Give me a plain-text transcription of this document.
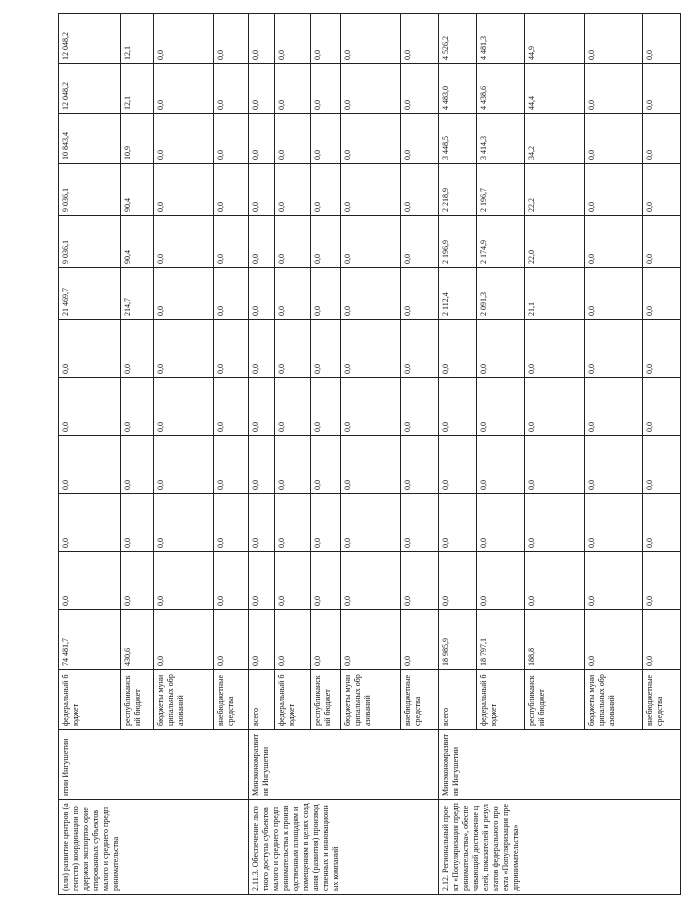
(или) развитие центров (агентств) координации поддержки экспортно ориентированных субъектов малого и среднего предпринимательства	итии Ингушетии	федеральный бюджет	74 481,7	0,0	0,0	0,0	0,0	0,0	21 469,7	9 036,1	9 036,1	10 843,4	12 048,2	12 048,2
		республиканский бюджет	430,6	0,0	0,0	0,0	0,0	0,0	214,7	90,4	90,4	10,9	12,1	12,1
		бюджеты муниципальных образований	0,0	0,0	0,0	0,0	0,0	0,0	0,0	0,0	0,0	0,0	0,0	0,0
		внебюджетные средства	0,0	0,0	0,0	0,0	0,0	0,0	0,0	0,0	0,0	0,0	0,0	0,0
2.11.3. Обеспечение льготного доступа субъектов малого и среднего предпринимательства к производственным площадям и помещениям в целях создания (развития) производственных и инновационных компаний	Минэкономразвития Ингушетии	всего	0,0	0,0	0,0	0,0	0,0	0,0	0,0	0,0	0,0	0,0	0,0	0,0
		федеральный бюджет	0,0	0,0	0,0	0,0	0,0	0,0	0,0	0,0	0,0	0,0	0,0	0,0
		республиканский бюджет	0,0	0,0	0,0	0,0	0,0	0,0	0,0	0,0	0,0	0,0	0,0	0,0
		бюджеты муниципальных образований	0,0	0,0	0,0	0,0	0,0	0,0	0,0	0,0	0,0	0,0	0,0	0,0
		внебюджетные средства	0,0	0,0	0,0	0,0	0,0	0,0	0,0	0,0	0,0	0,0	0,0	0,0
2.12. Региональный проект «Популяризация предпринимательства», обеспечивающий достижение целей, показателей и результатов федерального проекта «Популяризация предпринимательства»	Минэкономразвития Ингушетии	всего	18 985,9	0,0	0,0	0,0	0,0	0,0	2 112,4	2 196,9	2 218,9	3 448,5	4 483,0	4 526,2
		федеральный бюджет	18 797,1	0,0	0,0	0,0	0,0	0,0	2 091,3	2 174,9	2 196,7	3 414,3	4 438,6	4 481,3
		республиканский бюджет	188,8	0,0	0,0	0,0	0,0	0,0	21,1	22,0	22,2	34,2	44,4	44,9
		бюджеты муниципальных образований	0,0	0,0	0,0	0,0	0,0	0,0	0,0	0,0	0,0	0,0	0,0	0,0
		внебюджетные средства	0,0	0,0	0,0	0,0	0,0	0,0	0,0	0,0	0,0	0,0	0,0	0,0
